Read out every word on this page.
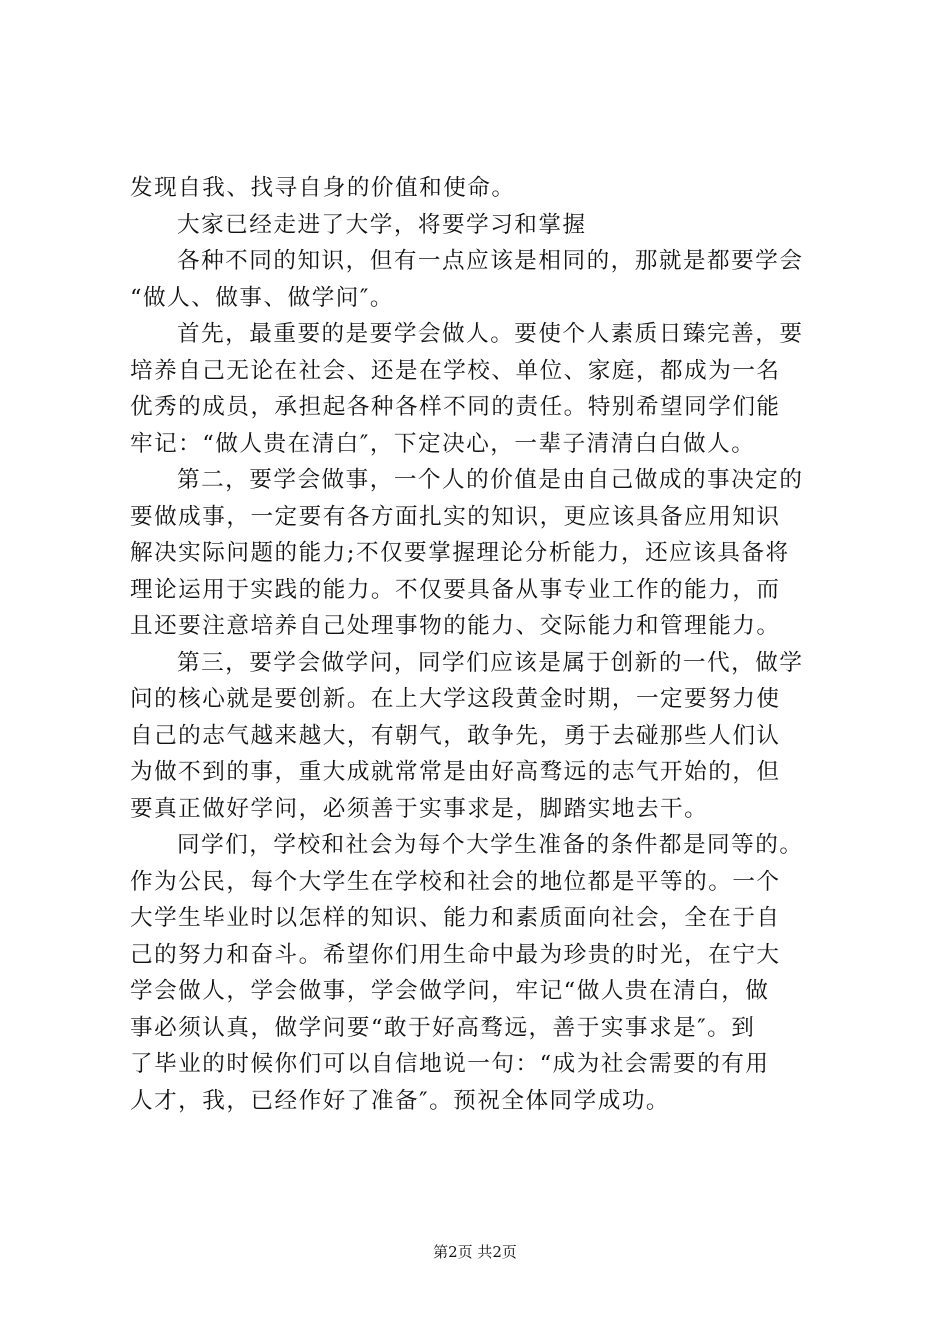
发现自我、找寻自身的价值和使命。
大家已经走进了大学，将要学习和掌握
各种不同的知识，但有一点应该是相同的，那就是都要学会
“做人、做事、做学问″。
首先，最重要的是要学会做人。要使个人素质日臻完善，要
培养自己无论在社会、还是在学校、单位、家庭，都成为一名
优秀的成员，承担起各种各样不同的责任。特别希望同学们能
牢记：“做人贵在清白″，下定决心，一辈子清清白白做人。
第二，要学会做事，一个人的价值是由自己做成的事决定的
要做成事，一定要有各方面扎实的知识，更应该具备应用知识
解决实际问题的能力;不仅要掌握理论分析能力，还应该具备将
理论运用于实践的能力。不仅要具备从事专业工作的能力，而
且还要注意培养自己处理事物的能力、交际能力和管理能力。
第三，要学会做学问，同学们应该是属于创新的一代，做学
问的核心就是要创新。在上大学这段黄金时期，一定要努力使
自己的志气越来越大，有朝气，敢争先，勇于去碰那些人们认
为做不到的事，重大成就常常是由好高骛远的志气开始的，但
要真正做好学问，必须善于实事求是，脚踏实地去干。
同学们，学校和社会为每个大学生准备的条件都是同等的。
作为公民，每个大学生在学校和社会的地位都是平等的。一个
大学生毕业时以怎样的知识、能力和素质面向社会，全在于自
己的努力和奋斗。希望你们用生命中最为珍贵的时光，在宁大
学会做人，学会做事，学会做学问，牢记“做人贵在清白，做
事必须认真，做学问要“敢于好高骛远，善于实事求是″。到
了毕业的时候你们可以自信地说一句：“成为社会需要的有用
人才，我，已经作好了准备″。预祝全体同学成功。
第2页 共2页
